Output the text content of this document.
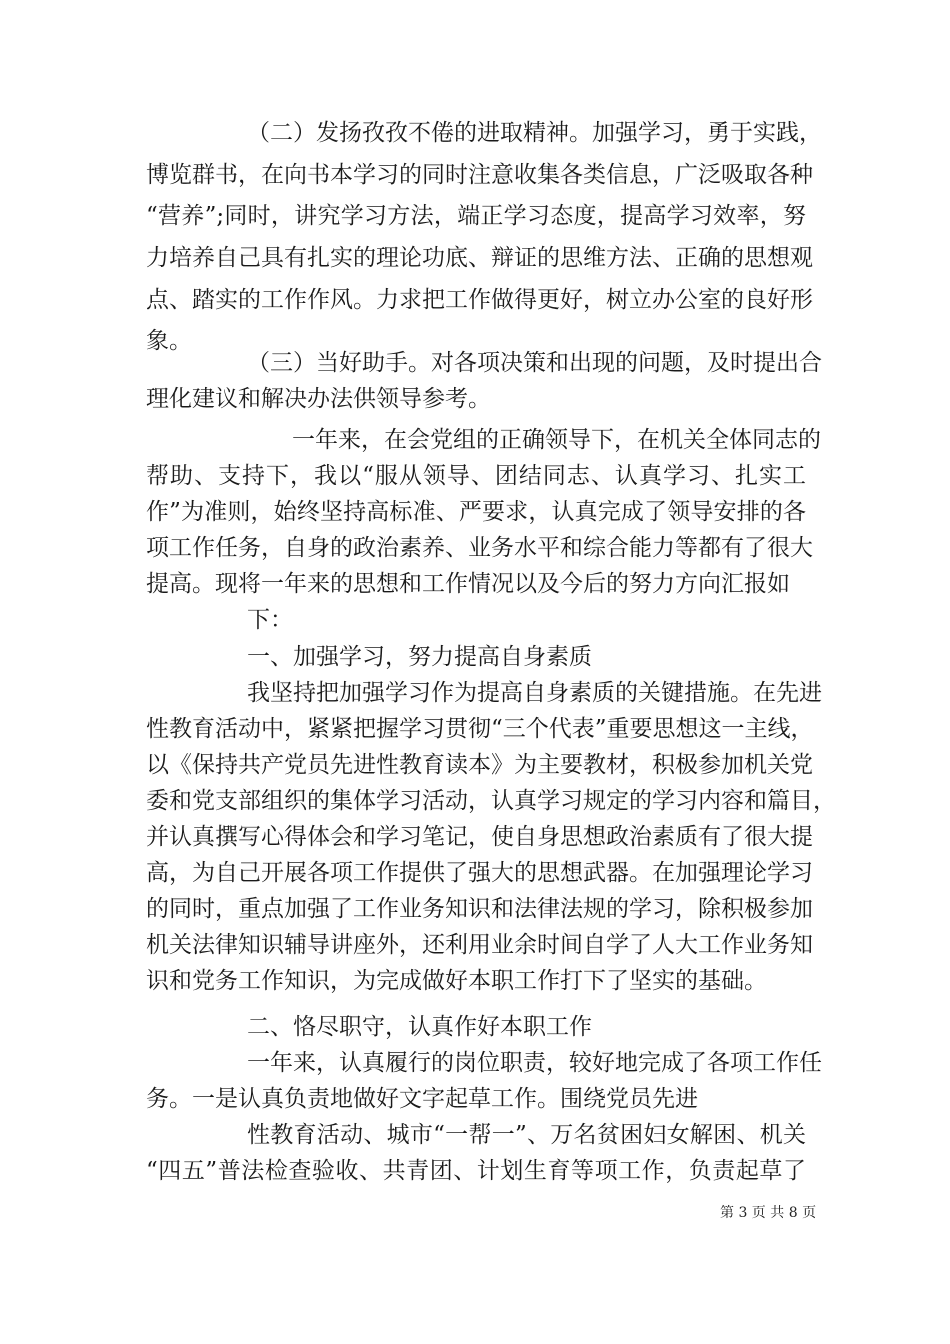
（二）发扬孜孜不倦的进取精神。加强学习，勇于实践，
博览群书，在向书本学习的同时注意收集各类信息，广泛吸取各种
“营养”;同时，讲究学习方法，端正学习态度，提高学习效率，努
力培养自己具有扎实的理论功底、辩证的思维方法、正确的思想观
点、踏实的工作作风。力求把工作做得更好，树立办公室的良好形
象。
（三）当好助手。对各项决策和出现的问题，及时提出合
理化建议和解决办法供领导参考。
一年来，在会党组的正确领导下，在机关全体同志的
帮助、支持下，我以“服从领导、团结同志、认真学习、扎实工
作”为准则，始终坚持高标准、严要求，认真完成了领导安排的各
项工作任务，自身的政治素养、业务水平和综合能力等都有了很大
提高。现将一年来的思想和工作情况以及今后的努力方向汇报如
下：
一、加强学习，努力提高自身素质
我坚持把加强学习作为提高自身素质的关键措施。在先进
性教育活动中，紧紧把握学习贯彻“三个代表”重要思想这一主线，
以《保持共产党员先进性教育读本》为主要教材，积极参加机关党
委和党支部组织的集体学习活动，认真学习规定的学习内容和篇目，
并认真撰写心得体会和学习笔记，使自身思想政治素质有了很大提
高，为自己开展各项工作提供了强大的思想武器。在加强理论学习
的同时，重点加强了工作业务知识和法律法规的学习，除积极参加
机关法律知识辅导讲座外，还利用业余时间自学了人大工作业务知
识和党务工作知识，为完成做好本职工作打下了坚实的基础。
二、恪尽职守，认真作好本职工作
一年来，认真履行的岗位职责，较好地完成了各项工作任
务。一是认真负责地做好文字起草工作。围绕党员先进
性教育活动、城市“一帮一”、万名贫困妇女解困、机关
“四五”普法检查验收、共青团、计划生育等项工作，负责起草了
第 3 页 共 8 页
